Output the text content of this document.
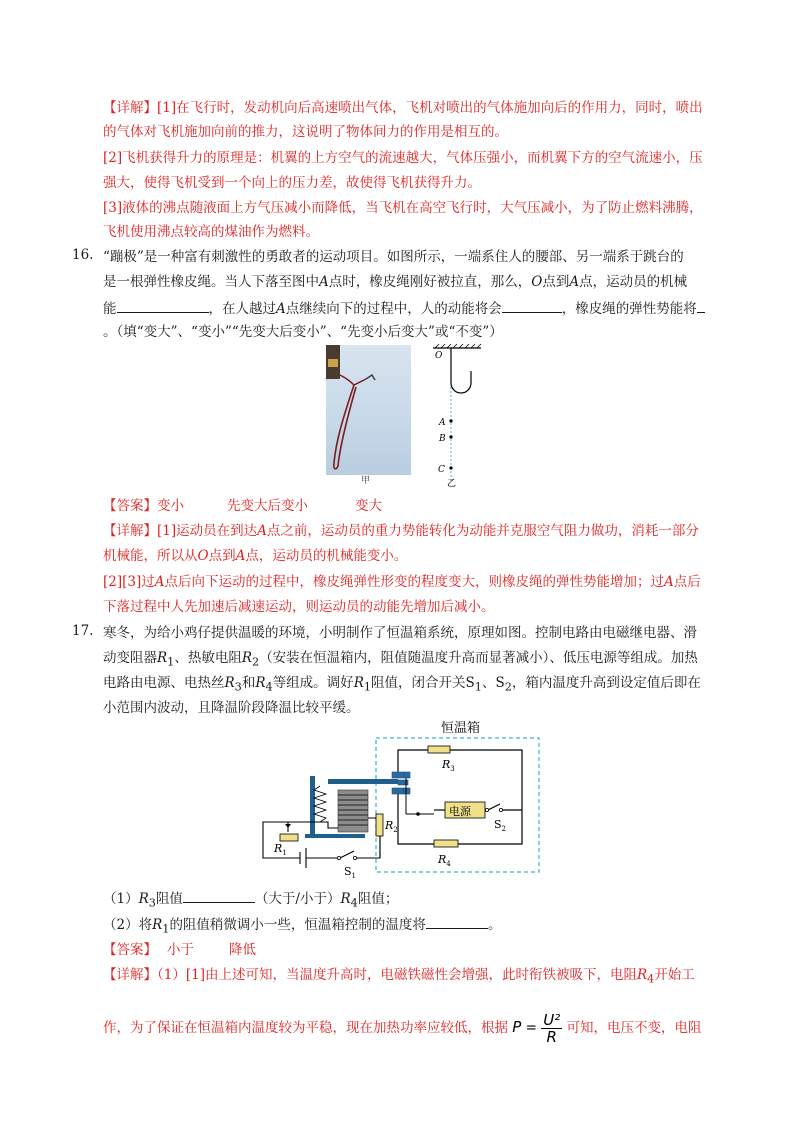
【详解】[1]在飞行时，发动机向后高速喷出气体，飞机对喷出的气体施加向后的作用力，同时，喷出
的气体对飞机施加向前的推力，这说明了物体间力的作用是相互的。
[2]飞机获得升力的原理是：机翼的上方空气的流速越大，气体压强小，而机翼下方的空气流速小，压
强大，使得飞机受到一个向上的压力差，故使得飞机获得升力。
[3]液体的沸点随液面上方气压减小而降低，当飞机在高空飞行时，大气压减小，为了防止燃料沸腾，
飞机使用沸点较高的煤油作为燃料。
16. “蹦极”是一种富有刺激性的勇敢者的运动项目。如图所示，一端系住人的腰部、另一端系于跳台的
是一根弹性橡皮绳。当人下落至图中A点时，橡皮绳刚好被拉直，那么，O点到A点，运动员的机械
能	，在人越过A点继续向下的过程中，人的动能将会	，橡皮绳的弹性势能将
。（填“变大”、“变小”“先变大后变小”、“先变小后变大”或“不变”）
甲
O
A
B
C
乙
【答案】变小	先变大后变小	变大
【详解】[1]运动员在到达A点之前，运动员的重力势能转化为动能并克服空气阻力做功，消耗一部分
机械能，所以从O点到A点，运动员的机械能变小。
[2][3]过A点后向下运动的过程中，橡皮绳弹性形变的程度变大，则橡皮绳的弹性势能增加；过A点后
下落过程中人先加速后减速运动，则运动员的动能先增加后减小。
17. 寒冬，为给小鸡仔提供温暖的环境，小明制作了恒温箱系统，原理如图。控制电路由电磁继电器、滑
动变阻器$R_1$、热敏电阻$R_2$（安装在恒温箱内，阻值随温度升高而显著减小）、低压电源等组成。加热
电路由电源、电热丝$R_3$和$R_4$等组成。调好$R_1$阻值，闭合开关$S_1$、$S_2$，箱内温度升高到设定值后即在
小范围内波动，且降温阶段降温比较平缓。
恒温箱
电源
$R_3$
$R_4$
$S_2$
$R_1$
$R_2$
$S_1$
$(1)R_3$阻值	（大于/小于）$R_4$阻值；
（2）将$R_1$的阻值稍微调小一些，恒温箱控制的温度将	。
【答案】 小于	降低
【详解】（1）[1]由上述可知，当温度升高时，电磁铁磁性会增强，此时衔铁被吸下，电阻$R_4$开始工
作，为了保证在恒温箱内温度较为平稳，现在加热功率应较低，根据 $P = \frac{\text{U²}}{R}$ 可知，电压不变，电阻
